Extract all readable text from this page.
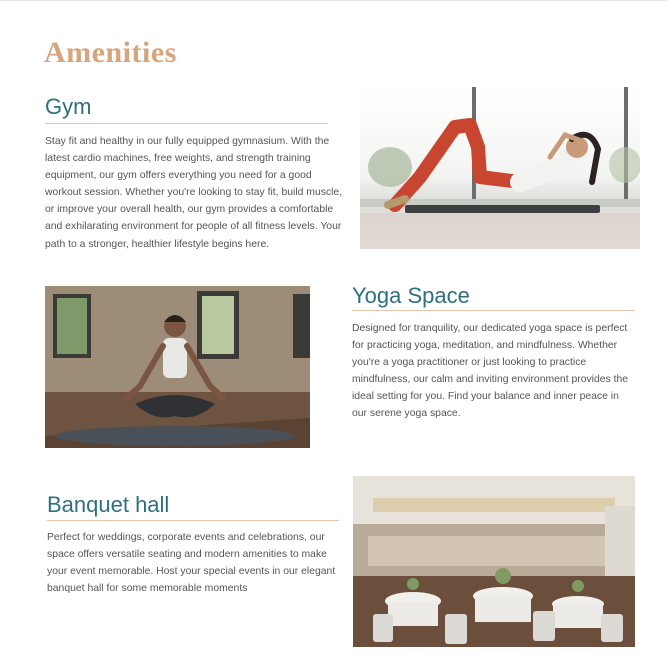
Amenities
Gym

Stay fit and healthy in our fully equipped gymnasium. With the latest cardio machines, free weights, and strength training equipment, our gym offers everything you need for a good workout session. Whether you're looking to stay fit, build muscle, or improve your overall health, our gym provides a comfortable and exhilarating environment for people of all fitness levels. Your path to a stronger, healthier lifestyle begins here.

Yoga Space

Designed for tranquility, our dedicated yoga space is perfect for practicing yoga, meditation, and mindfulness. Whether you're a yoga practitioner or just looking to practice mindfulness, our calm and inviting environment provides the ideal setting for you. Find your balance and inner peace in our serene yoga space.

Banquet hall

Perfect for weddings, corporate events and celebrations, our space offers versatile seating and modern amenities to make your event memorable. Host your special events in our elegant banquet hall for some memorable moments
